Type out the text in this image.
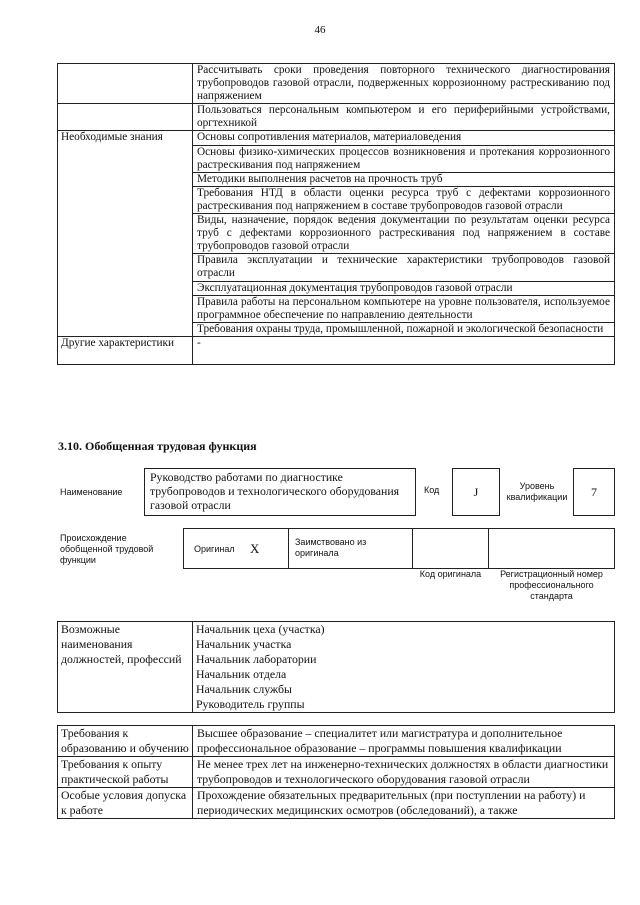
46
	Рассчитывать сроки проведения повторного технического диагностирования трубопроводов газовой отрасли, подверженных коррозионному растрескиванию под напряжением
	Пользоваться персональным компьютером и его периферийными устройствами, оргтехникой
Необходимые знания	Основы сопротивления материалов, материаловедения
	Основы физико-химических процессов возникновения и протекания коррозионного растрескивания под напряжением
	Методики выполнения расчетов на прочность труб
	Требования НТД в области оценки ресурса труб с дефектами коррозионного растрескивания под напряжением в составе трубопроводов газовой отрасли
	Виды, назначение, порядок ведения документации по результатам оценки ресурса труб с дефектами коррозионного растрескивания под напряжением в составе трубопроводов газовой отрасли
	Правила эксплуатации и технические характеристики трубопроводов газовой отрасли
	Эксплуатационная документация трубопроводов газовой отрасли
	Правила работы на персональном компьютере на уровне пользователя, используемое программное обеспечение по направлению деятельности
	Требования охраны труда, промышленной, пожарной и экологической безопасности
Другие характеристики	-
3.10. Обобщенная трудовая функция
Наименование
Руководство работами по диагностике трубопроводов и технологического оборудования газовой отрасли
Код	J	Уровень квалификации	7
Происхождение обобщенной трудовой функции
Оригинал X	Заимствовано из оригинала
Код оригинала	Регистрационный номер профессионального стандарта
Возможные наименования должностей, профессий	
Начальник цеха (участка)
Начальник участка
Начальник лаборатории
Начальник отдела
Начальник службы
Руководитель группы
Требования к образованию и обучению	Высшее образование – специалитет или магистратура и дополнительное профессиональное образование – программы повышения квалификации
Требования к опыту практической работы	Не менее трех лет на инженерно-технических должностях в области диагностики трубопроводов и технологического оборудования газовой отрасли
Особые условия допуска к работе	Прохождение обязательных предварительных (при поступлении на работу) и периодических медицинских осмотров (обследований), а также
